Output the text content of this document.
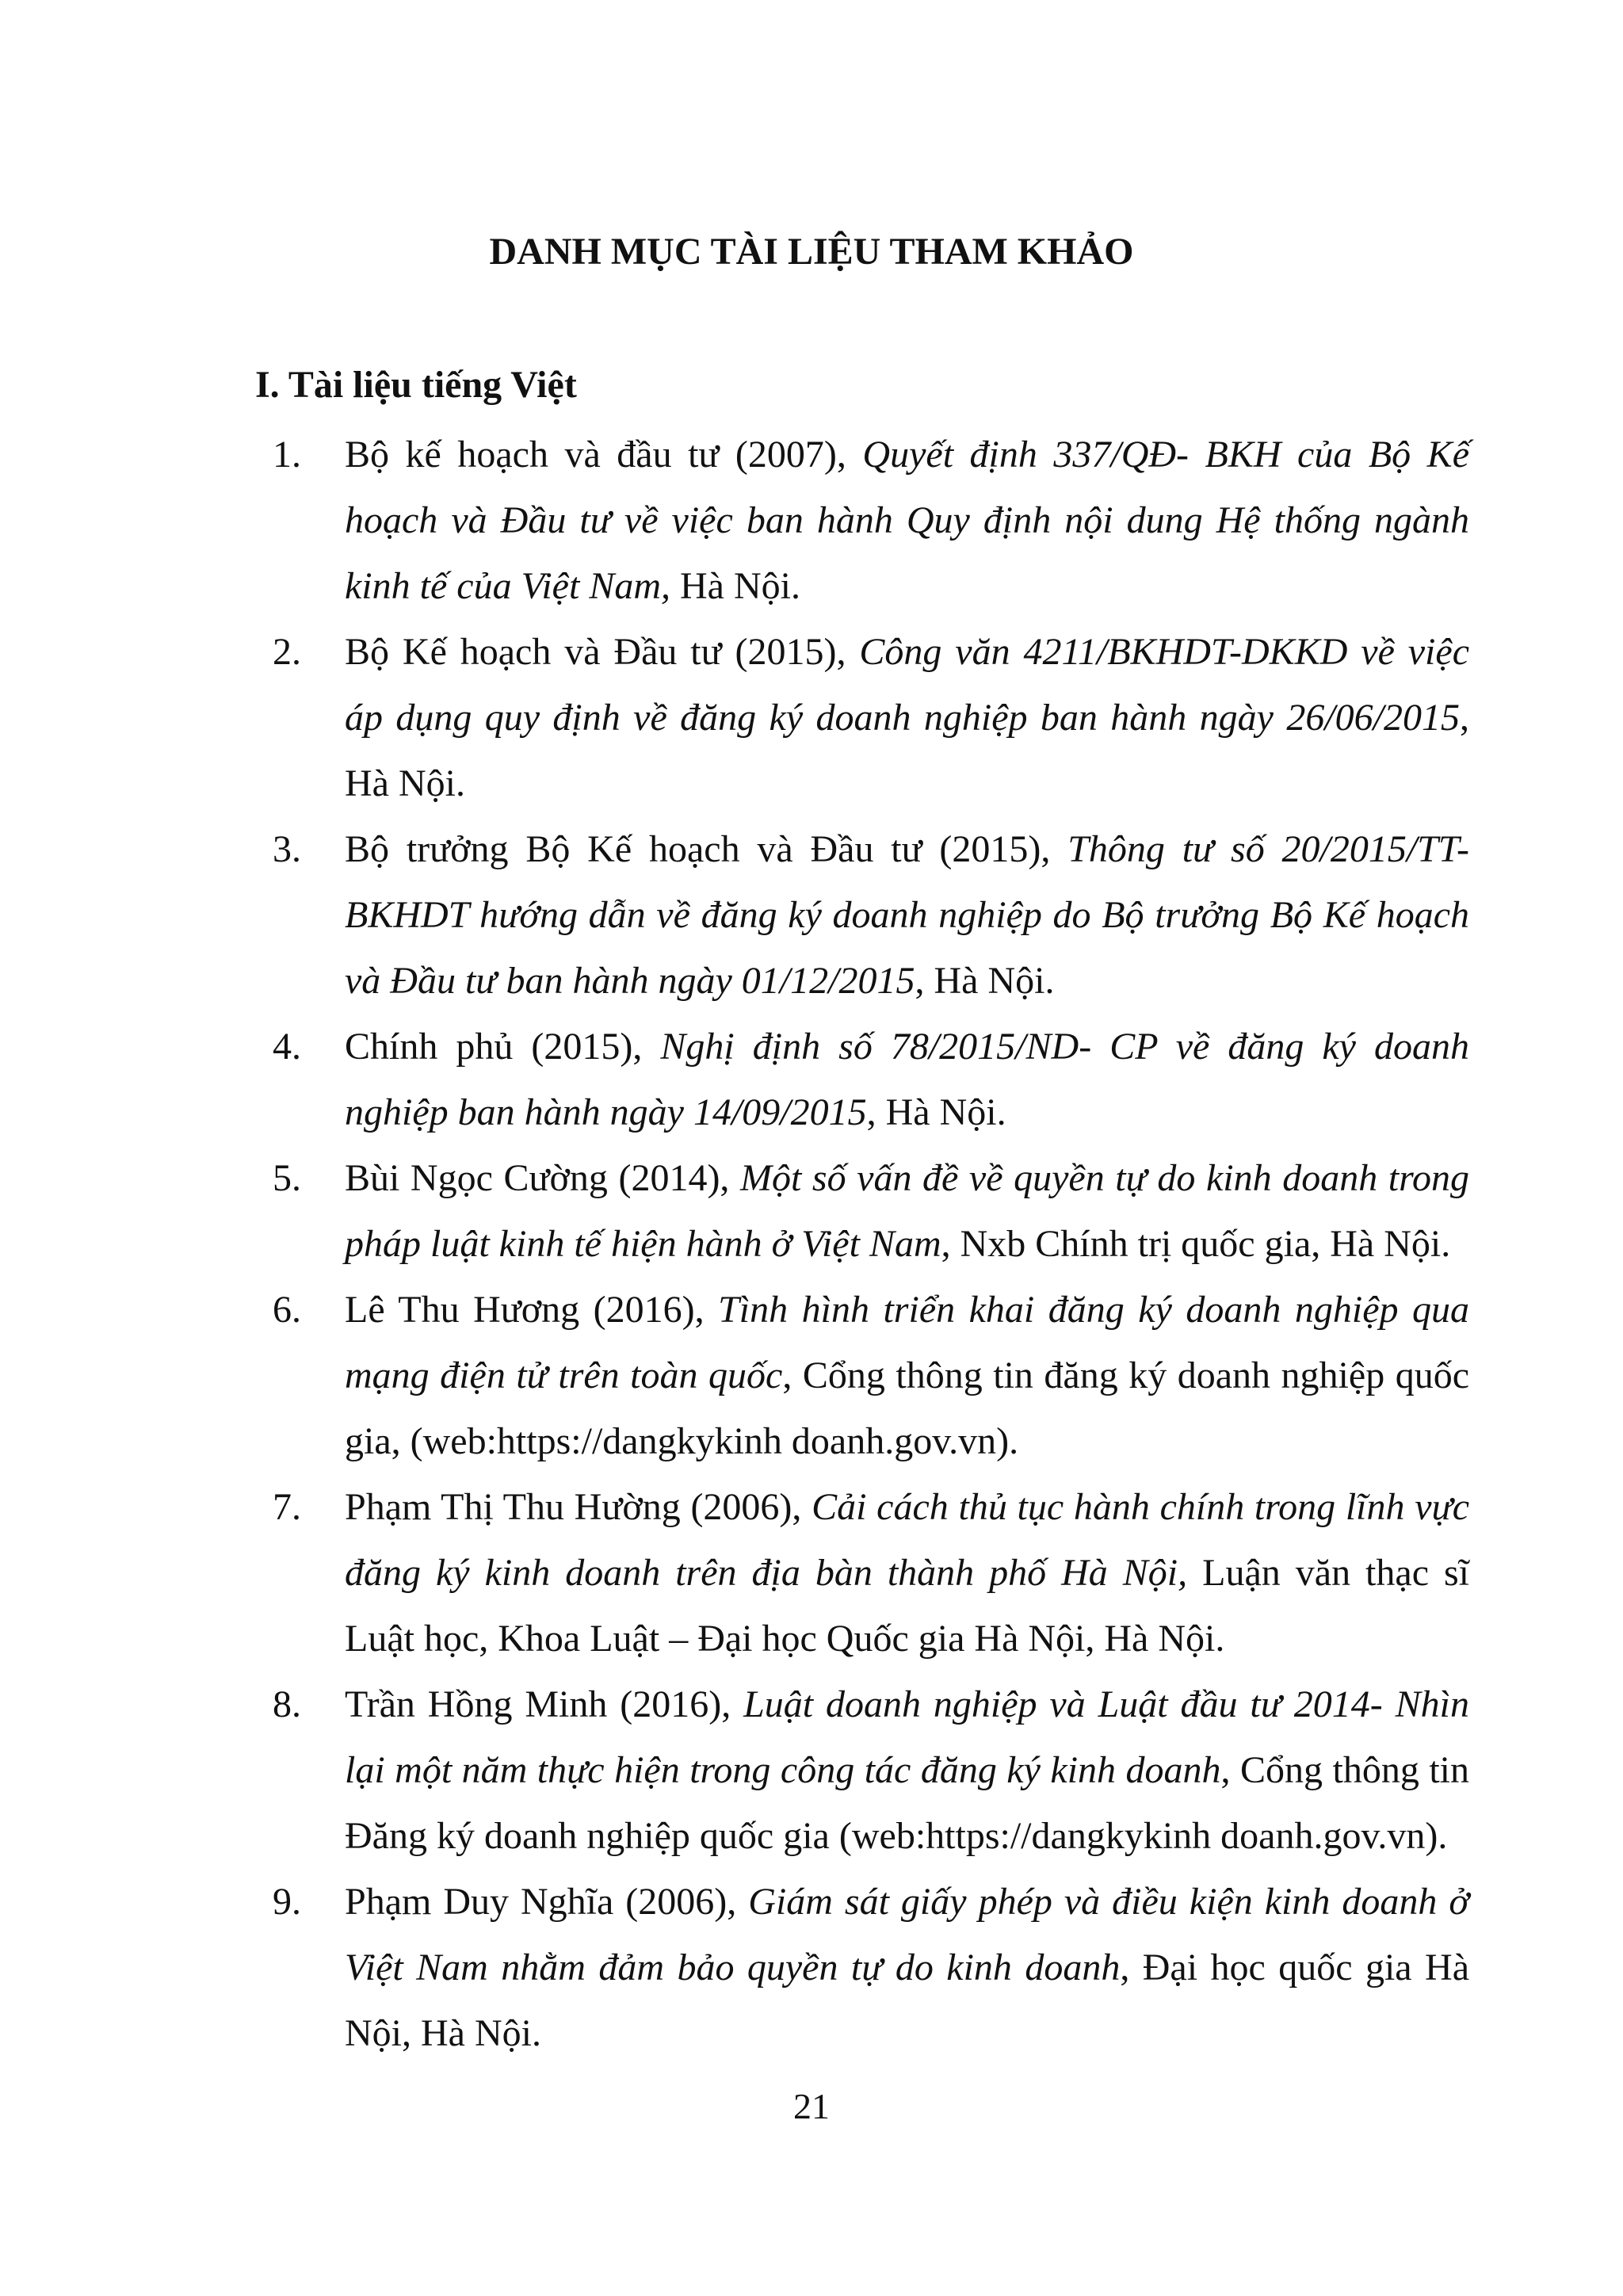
DANH MỤC TÀI LIỆU THAM KHẢO
I. Tài liệu tiếng Việt
1. Bộ kế hoạch và đầu tư (2007), Quyết định 337/QĐ- BKH của Bộ Kế hoạch và Đầu tư về việc ban hành Quy định nội dung Hệ thống ngành kinh tế của Việt Nam, Hà Nội.
2. Bộ Kế hoạch và Đầu tư (2015), Công văn 4211/BKHDT-DKKD về việc áp dụng quy định về đăng ký doanh nghiệp ban hành ngày 26/06/2015, Hà Nội.
3. Bộ trưởng Bộ Kế hoạch và Đầu tư (2015), Thông tư số 20/2015/TT-BKHDT hướng dẫn về đăng ký doanh nghiệp do Bộ trưởng Bộ Kế hoạch và Đầu tư ban hành ngày 01/12/2015, Hà Nội.
4. Chính phủ (2015), Nghị định số 78/2015/ND- CP về đăng ký doanh nghiệp ban hành ngày 14/09/2015, Hà Nội.
5. Bùi Ngọc Cường (2014), Một số vấn đề về quyền tự do kinh doanh trong pháp luật kinh tế hiện hành ở Việt Nam, Nxb Chính trị quốc gia, Hà Nội.
6. Lê Thu Hương (2016), Tình hình triển khai đăng ký doanh nghiệp qua mạng điện tử trên toàn quốc, Cổng thông tin đăng ký doanh nghiệp quốc gia, (web:https://dangkykinh doanh.gov.vn).
7. Phạm Thị Thu Hường (2006), Cải cách thủ tục hành chính trong lĩnh vực đăng ký kinh doanh trên địa bàn thành phố Hà Nội, Luận văn thạc sĩ Luật học, Khoa Luật – Đại học Quốc gia Hà Nội, Hà Nội.
8. Trần Hồng Minh (2016), Luật doanh nghiệp và Luật đầu tư 2014- Nhìn lại một năm thực hiện trong công tác đăng ký kinh doanh, Cổng thông tin Đăng ký doanh nghiệp quốc gia (web:https://dangkykinh doanh.gov.vn).
9. Phạm Duy Nghĩa (2006), Giám sát giấy phép và điều kiện kinh doanh ở Việt Nam nhằm đảm bảo quyền tự do kinh doanh, Đại học quốc gia Hà Nội, Hà Nội.
21
